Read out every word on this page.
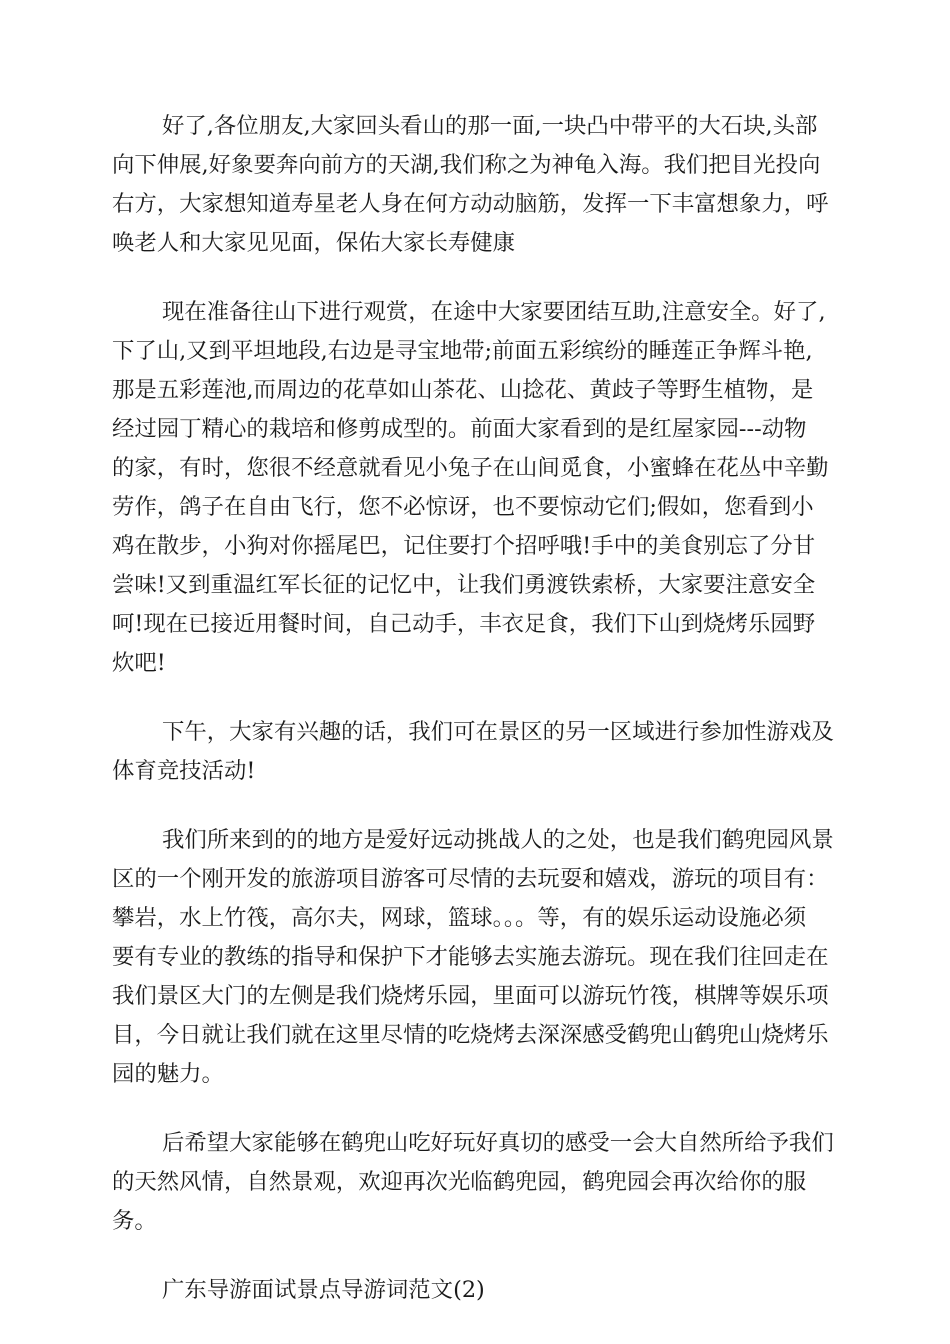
好了,各位朋友,大家回头看山的那一面,一块凸中带平的大石块,头部
向下伸展,好象要奔向前方的天湖,我们称之为神龟入海。我们把目光投向
右方，大家想知道寿星老人身在何方动动脑筋，发挥一下丰富想象力，呼
唤老人和大家见见面，保佑大家长寿健康
现在准备往山下进行观赏，在途中大家要团结互助,注意安全。好了,
下了山,又到平坦地段,右边是寻宝地带;前面五彩缤纷的睡莲正争辉斗艳,
那是五彩莲池,而周边的花草如山茶花、山捻花、黄歧子等野生植物，是
经过园丁精心的栽培和修剪成型的。前面大家看到的是红屋家园---动物
的家，有时，您很不经意就看见小兔子在山间觅食，小蜜蜂在花丛中辛勤
劳作，鸽子在自由飞行，您不必惊讶，也不要惊动它们;假如，您看到小
鸡在散步，小狗对你摇尾巴，记住要打个招呼哦!手中的美食别忘了分甘
尝味!又到重温红军长征的记忆中，让我们勇渡铁索桥，大家要注意安全
呵!现在已接近用餐时间，自己动手，丰衣足食，我们下山到烧烤乐园野
炊吧!
下午，大家有兴趣的话，我们可在景区的另一区域进行参加性游戏及
体育竞技活动!
我们所来到的的地方是爱好远动挑战人的之处，也是我们鹤兜园风景
区的一个刚开发的旅游项目游客可尽情的去玩耍和嬉戏，游玩的项目有：
攀岩，水上竹筏，高尔夫，网球，篮球。。。等，有的娱乐运动设施必须
要有专业的教练的指导和保护下才能够去实施去游玩。现在我们往回走在
我们景区大门的左侧是我们烧烤乐园，里面可以游玩竹筏，棋牌等娱乐项
目，今日就让我们就在这里尽情的吃烧烤去深深感受鹤兜山鹤兜山烧烤乐
园的魅力。
后希望大家能够在鹤兜山吃好玩好真切的感受一会大自然所给予我们
的天然风情，自然景观，欢迎再次光临鹤兜园，鹤兜园会再次给你的服
务。
广东导游面试景点导游词范文(2)
